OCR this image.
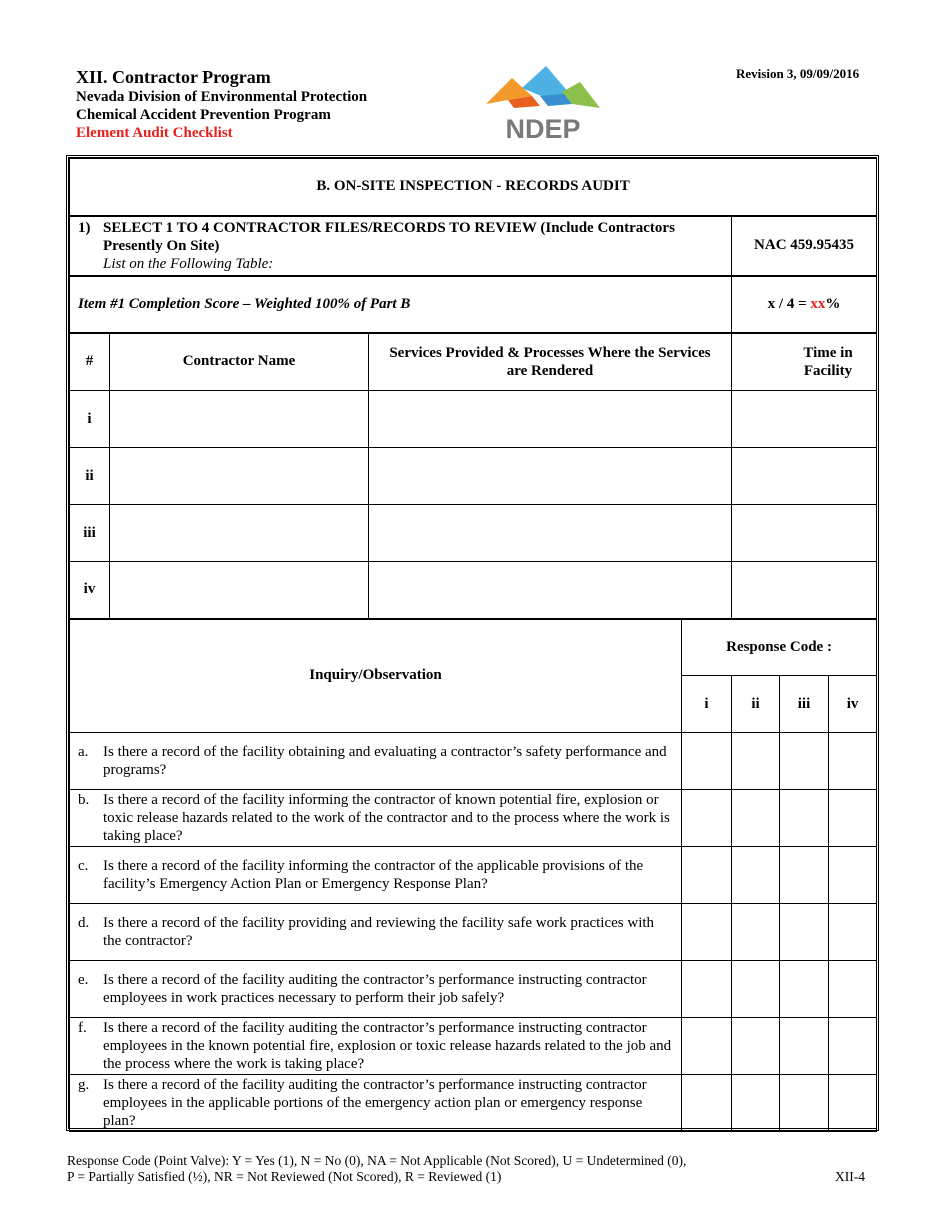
XII. Contractor Program
Nevada Division of Environmental Protection
Chemical Accident Prevention Program
Element Audit Checklist	NDEP
Revision 3, 09/09/2016
B. ON-SITE INSPECTION - RECORDS AUDIT						

1) SELECT 1 TO 4 CONTRACTOR FILES/RECORDS TO REVIEW (Include Contractors Presently On Site)
List on the Following Table:				NAC 459.95435		
Item #1 Completion Score – Weighted 100% of Part B				x / 4 = xx%		
#	Contractor Name	Services Provided & Processes Where the Services are Rendered		Time in Facility		
i						
ii						
iii						
iv						
Inquiry/Observation			Response Code :			
			i	ii	iii	iv

a. Is there a record of the facility obtaining and evaluating a contractor’s safety performance and programs?						

b. Is there a record of the facility informing the contractor of known potential fire, explosion or toxic release hazards related to the work of the contractor and to the process where the work is taking place?						

c. Is there a record of the facility informing the contractor of the applicable provisions of the facility’s Emergency Action Plan or Emergency Response Plan?						

d. Is there a record of the facility providing and reviewing the facility safe work practices with the contractor?						

e. Is there a record of the facility auditing the contractor’s performance instructing contractor employees in work practices necessary to perform their job safely?						

f. Is there a record of the facility auditing the contractor’s performance instructing contractor employees in the known potential fire, explosion or toxic release hazards related to the job and the process where the work is taking place?						

g. Is there a record of the facility auditing the contractor’s performance instructing contractor employees in the applicable portions of the emergency action plan or emergency response plan?						

Response Code (Point Valve): Y = Yes (1), N = No (0), NA = Not Applicable (Not Scored), U = Undetermined (0),
P = Partially Satisfied (½), NR = Not Reviewed (Not Scored), R = Reviewed (1)	XII-4
